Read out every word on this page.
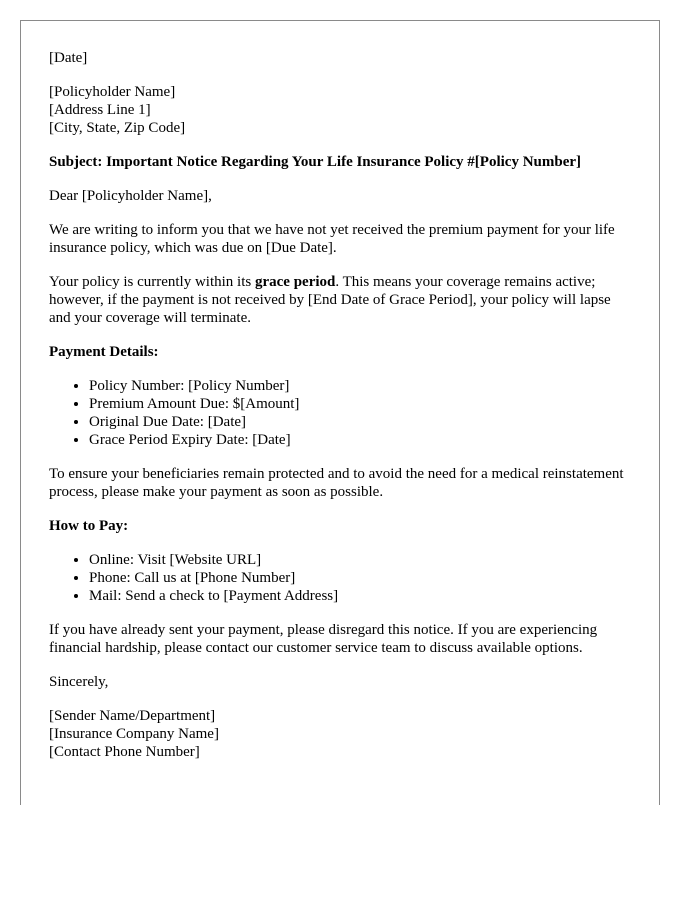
[Date]

[Policyholder Name]
[Address Line 1]
[City, State, Zip Code]

Subject: Important Notice Regarding Your Life Insurance Policy #[Policy Number]

Dear [Policyholder Name],

We are writing to inform you that we have not yet received the premium payment for your life insurance policy, which was due on [Due Date].

Your policy is currently within its grace period. This means your coverage remains active; however, if the payment is not received by [End Date of Grace Period], your policy will lapse and your coverage will terminate.

Payment Details:

• Policy Number: [Policy Number]
• Premium Amount Due: $[Amount]
• Original Due Date: [Date]
• Grace Period Expiry Date: [Date]

To ensure your beneficiaries remain protected and to avoid the need for a medical reinstatement process, please make your payment as soon as possible.

How to Pay:

• Online: Visit [Website URL]
• Phone: Call us at [Phone Number]
• Mail: Send a check to [Payment Address]

If you have already sent your payment, please disregard this notice. If you are experiencing financial hardship, please contact our customer service team to discuss available options.

Sincerely,

[Sender Name/Department]
[Insurance Company Name]
[Contact Phone Number]
